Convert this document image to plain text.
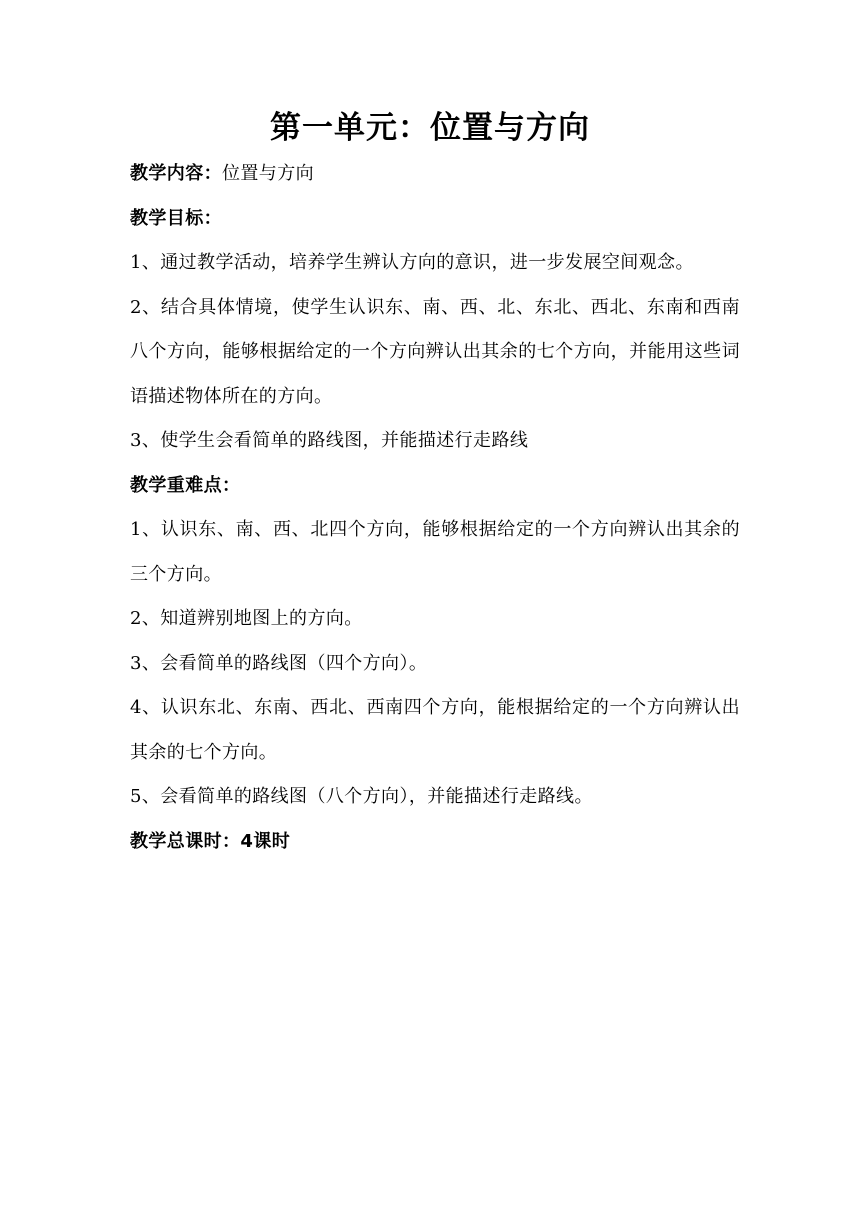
第一单元：位置与方向
教学内容：位置与方向
教学目标：
1、通过教学活动，培养学生辨认方向的意识，进一步发展空间观念。
2、结合具体情境，使学生认识东、南、西、北、东北、西北、东南和西南八个方向，能够根据给定的一个方向辨认出其余的七个方向，并能用这些词语描述物体所在的方向。
3、使学生会看简单的路线图，并能描述行走路线
教学重难点：
1、认识东、南、西、北四个方向，能够根据给定的一个方向辨认出其余的三个方向。
2、知道辨别地图上的方向。
3、会看简单的路线图（四个方向）。
4、认识东北、东南、西北、西南四个方向，能根据给定的一个方向辨认出其余的七个方向。
5、会看简单的路线图（八个方向），并能描述行走路线。
教学总课时：4课时
